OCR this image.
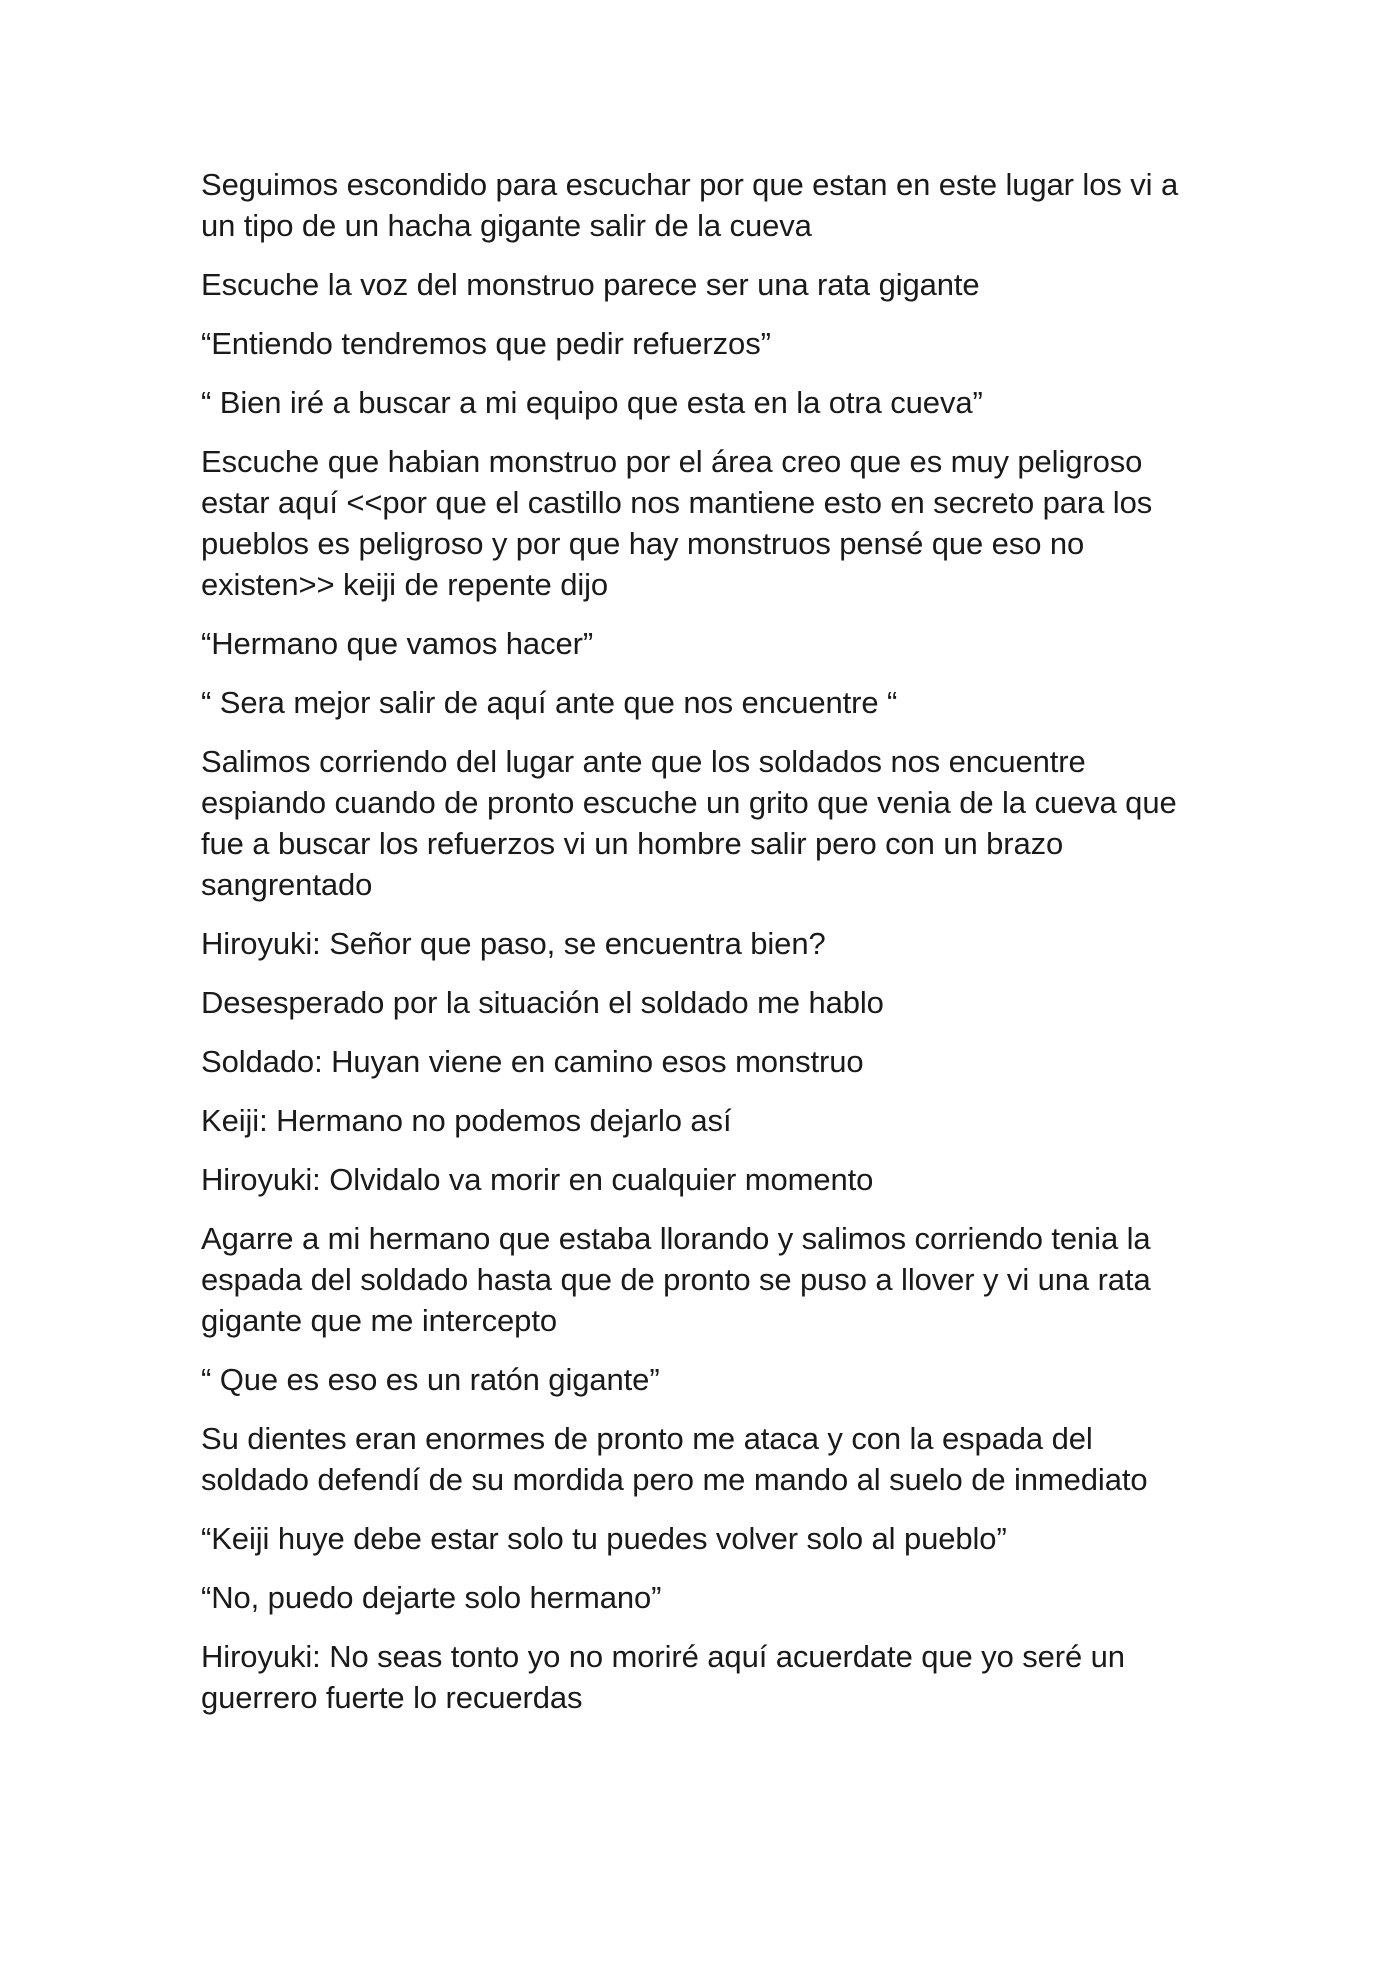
Seguimos escondido para escuchar por que estan en este lugar los vi a un tipo de un hacha gigante salir de la cueva

Escuche la voz del monstruo parece ser una rata gigante

“Entiendo tendremos que pedir refuerzos”

“ Bien iré a buscar a mi equipo que esta en la otra cueva”

Escuche que habian monstruo por el área creo que es muy peligroso estar aquí <<por que el castillo nos mantiene esto en secreto para los pueblos es peligroso y por que hay monstruos pensé que eso no existen>> keiji de repente dijo

“Hermano que vamos hacer”

“ Sera mejor salir de aquí ante que nos encuentre “

Salimos corriendo del lugar ante que los soldados nos encuentre espiando cuando de pronto escuche un grito que venia de la cueva que fue a buscar los refuerzos vi un hombre salir pero con un brazo sangrentado

Hiroyuki: Señor que paso, se encuentra bien?

Desesperado por la situación el soldado me hablo

Soldado: Huyan viene en camino esos monstruo

Keiji: Hermano no podemos dejarlo así

Hiroyuki: Olvidalo va morir en cualquier momento

Agarre a mi hermano que estaba llorando y salimos corriendo tenia la espada del soldado hasta que de pronto se puso a llover y vi una rata gigante que me intercepto

“ Que es eso es un ratón gigante”

Su dientes eran enormes de pronto me ataca y con la espada del soldado defendí de su mordida pero me mando al suelo de inmediato

“Keiji huye debe estar solo tu puedes volver solo al pueblo”

“No, puedo dejarte solo hermano”

Hiroyuki: No seas tonto yo no moriré aquí acuerdate que yo seré un guerrero fuerte lo recuerdas
